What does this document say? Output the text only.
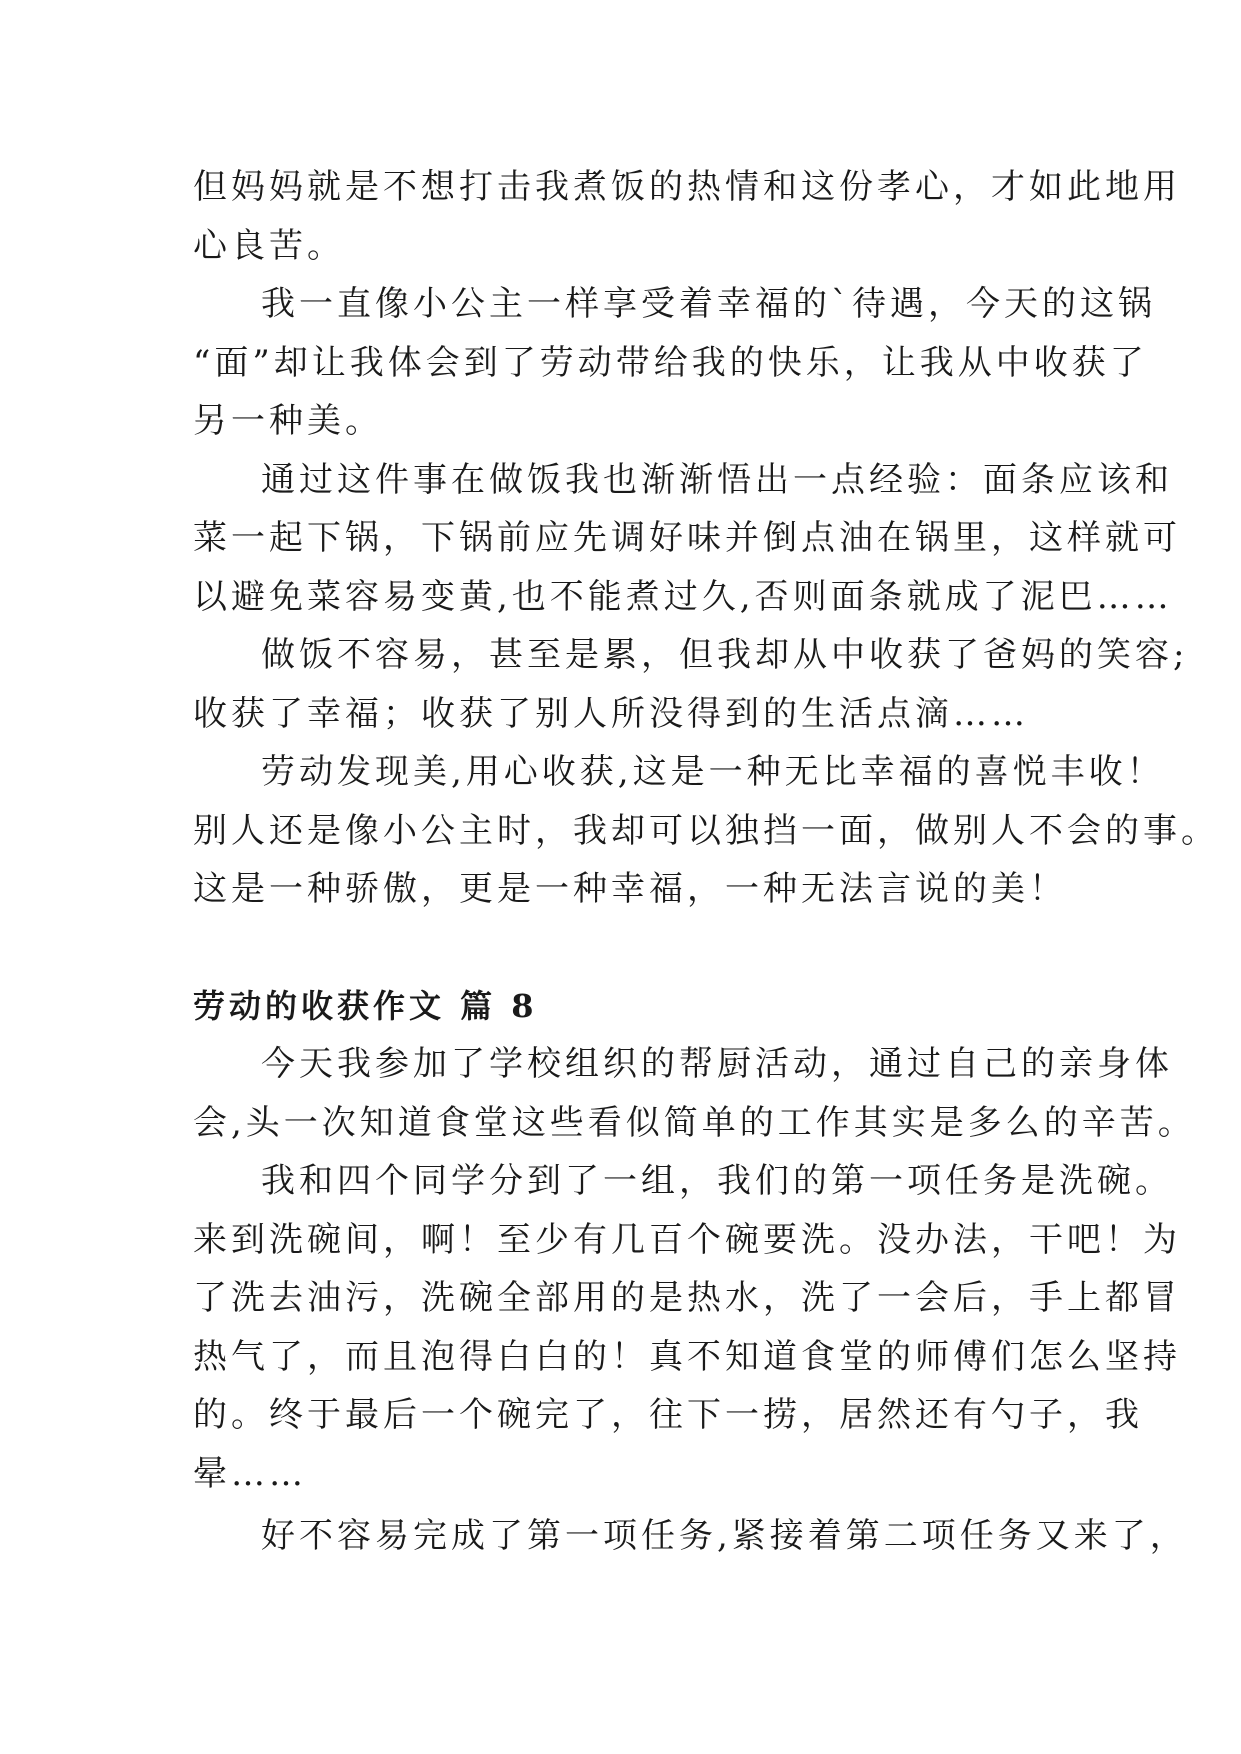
但妈妈就是不想打击我煮饭的热情和这份孝心，才如此地用
心良苦。

我一直像小公主一样享受着幸福的`待遇，今天的这锅
“面”却让我体会到了劳动带给我的快乐，让我从中收获了
另一种美。

通过这件事在做饭我也渐渐悟出一点经验：面条应该和
菜一起下锅，下锅前应先调好味并倒点油在锅里，这样就可
以避免菜容易变黄,也不能煮过久,否则面条就成了泥巴……

做饭不容易，甚至是累，但我却从中收获了爸妈的笑容;
收获了幸福；收获了别人所没得到的生活点滴……

劳动发现美,用心收获,这是一种无比幸福的喜悦丰收！
别人还是像小公主时，我却可以独挡一面，做别人不会的事。
这是一种骄傲，更是一种幸福，一种无法言说的美！

劳动的收获作文 篇 8

今天我参加了学校组织的帮厨活动，通过自己的亲身体
会,头一次知道食堂这些看似简单的工作其实是多么的辛苦。

我和四个同学分到了一组，我们的第一项任务是洗碗。
来到洗碗间，啊！至少有几百个碗要洗。没办法，干吧！为
了洗去油污，洗碗全部用的是热水，洗了一会后，手上都冒
热气了，而且泡得白白的！真不知道食堂的师傅们怎么坚持
的。终于最后一个碗完了，往下一捞，居然还有勺子，我
晕……

好不容易完成了第一项任务,紧接着第二项任务又来了，
